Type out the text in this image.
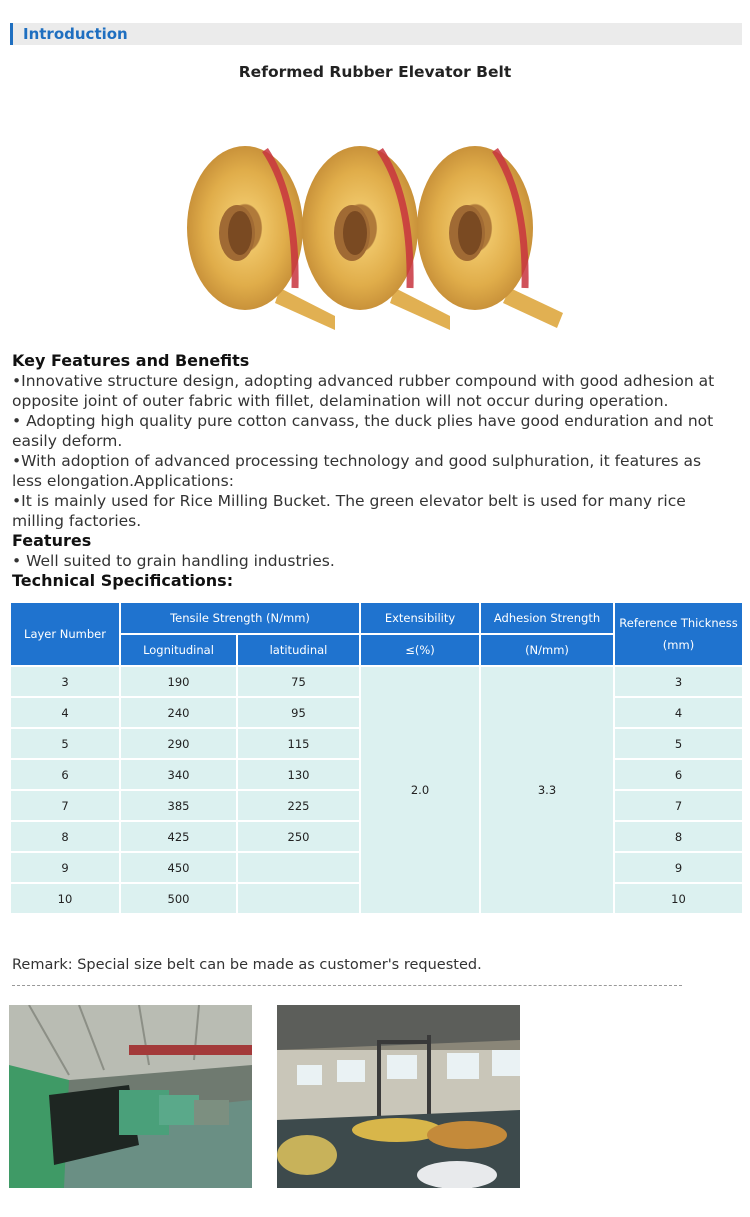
Introduction
Reformed Rubber Elevator Belt
Key Features and Benefits

•Innovative structure design, adopting advanced rubber compound with good adhesion at opposite joint of outer fabric with fillet, delamination will not occur during operation.

• Adopting high quality pure cotton canvass, the duck plies have good enduration and not easily deform.

•With adoption of advanced processing technology and good sulphuration, it features as less elongation.Applications:

•It is mainly used for Rice Milling Bucket. The green elevator belt is used for many rice milling factories.

Features

• Well suited to grain handling industries.

Technical Specifications:
Layer Number	Tensile Strength (N/mm)		Extensibility	Adhesion Strength	Reference Thickness
(mm)

	Lognitudinal	latitudinal	≤(%)	(N/mm)	
3	190	75	2.0	3.3	3
4	240	95			4
5	290	115			5
6	340	130			6
7	385	225			7
8	425	250			8
9	450				9
10	500				10
Remark: Special size belt can be made as customer's requested.
